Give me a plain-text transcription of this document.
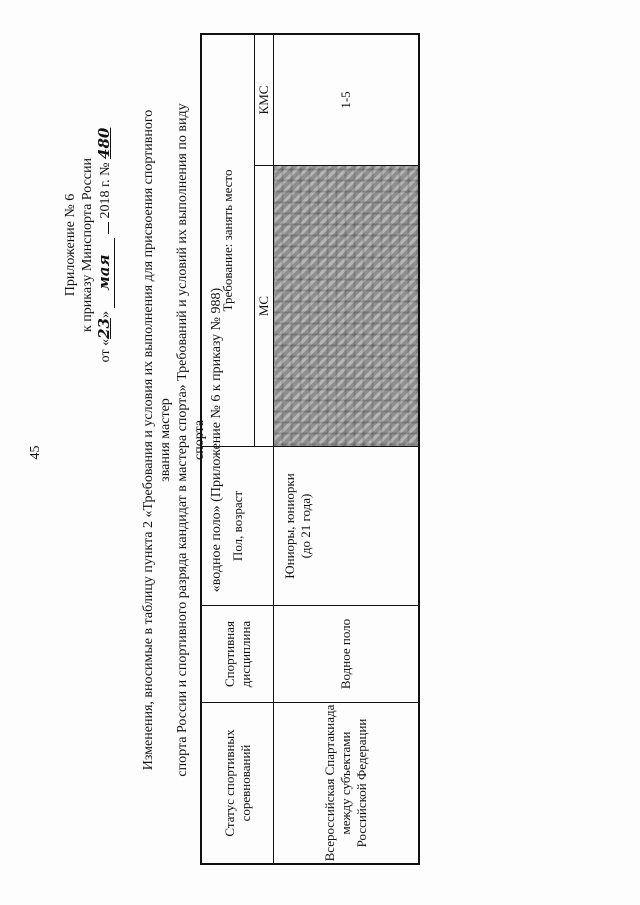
45
Приложение № 6 к приказу Минспорта России
от «23» мая  2018 г. № 480 Изменения, вносимые в таблицу пункта 2 «Требования и условия их выполнения для присвоения спортивного звания мастер спорта России и спортивного разряда кандидат в мастера спорта» Требований и условий их выполнения по виду спорта «водное поло» (Приложение № 6 к приказу № 988)
Статус спортивных соревнований	Спортивная дисциплина	Пол, возраст	Требование: занять место	
			МС	КМС
Всероссийская Спартакиада между субъектами Российской Федерации	Водное поло	Юниоры, юниорки (до 21 года)		1-5
